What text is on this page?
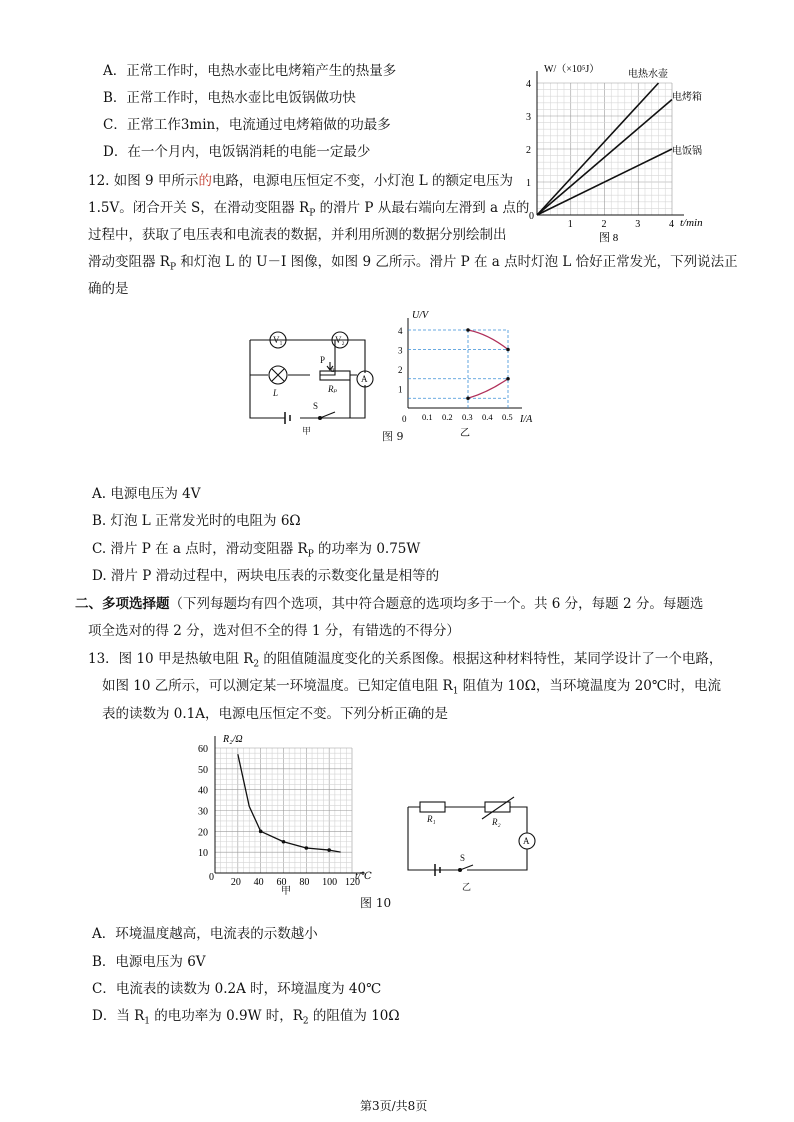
A．正常工作时，电热水壶比电烤箱产生的热量多
B．正常工作时，电热水壶比电饭锅做功快
C．正常工作3min，电流通过电烤箱做的功最多
D．在一个月内，电饭锅消耗的电能一定最少
1	2	3	4
1
2
3
4
W/（×10⁵J）
t/min
0
电热水壶
电烤箱
电饭锅
图 8
12. 如图 9 甲所示的电路，电源电压恒定不变，小灯泡 L 的额定电压为
1.5V。闭合开关 S，在滑动变阻器 $R_P$ 的滑片 P 从最右端向左滑到 a 点的
过程中，获取了电压表和电流表的数据，并利用所测的数据分别绘制出
滑动变阻器 $R_P$ 和灯泡 L 的 U－I 图像，如图 9 乙所示。滑片 P 在 a 点时灯泡 L 恰好正常发光，下列说法正
确的是
V₁	V₂
A
L	Rₚ
P
a
S
甲
0.1 0.2 0.3 0.4 0.5
1
2
3
4
U/V
I/A
0
乙
图 9
A. 电源电压为 4V
B. 灯泡 L 正常发光时的电阻为 6Ω
C. 滑片 P 在 a 点时，滑动变阻器 $R_P$ 的功率为 0.75W
D. 滑片 P 滑动过程中，两块电压表的示数变化量是相等的
二、多项选择题（下列每题均有四个选项，其中符合题意的选项均多于一个。共 6 分，每题 2 分。每题选
项全选对的得 2 分，选对但不全的得 1 分，有错选的不得分）
13．图 10 甲是热敏电阻 $R_2$ 的阻值随温度变化的关系图像。根据这种材料特性，某同学设计了一个电路，
如图 10 乙所示，可以测定某一环境温度。已知定值电阻 $R_1$ 阻值为 10Ω，当环境温度为 20℃时，电流
表的读数为 0.1A，电源电压恒定不变。下列分析正确的是
20 40 60 80 100 120
10
20
30
40
50
60
R₂/Ω
t/℃
0
甲
R₁	R₂
A
S
乙
图 10
A．环境温度越高，电流表的示数越小
B．电源电压为 6V
C．电流表的读数为 0.2A 时，环境温度为 40℃
D．当 $R_1$ 的电功率为 0.9W 时，$R_2$ 的阻值为 10Ω
第3页/共8页
